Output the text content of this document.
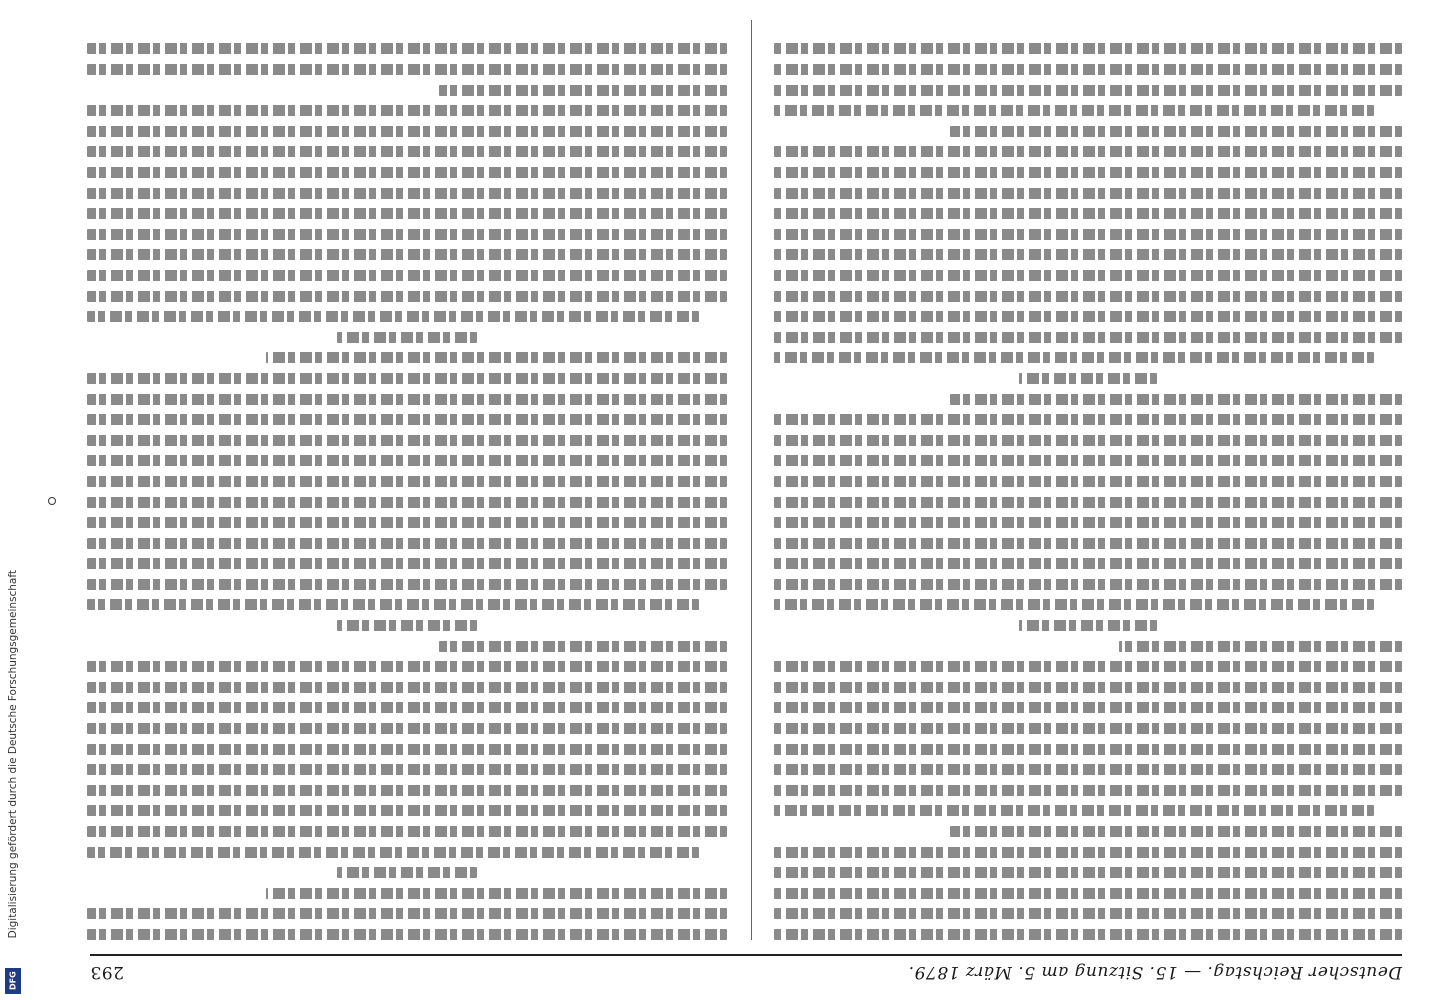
Digitalisierung gefördert durch die Deutsche Forschungsgemeinschaft
DFG	Deutscher Reichstag. — 15. Sitzung am 5. März 1879.
293
